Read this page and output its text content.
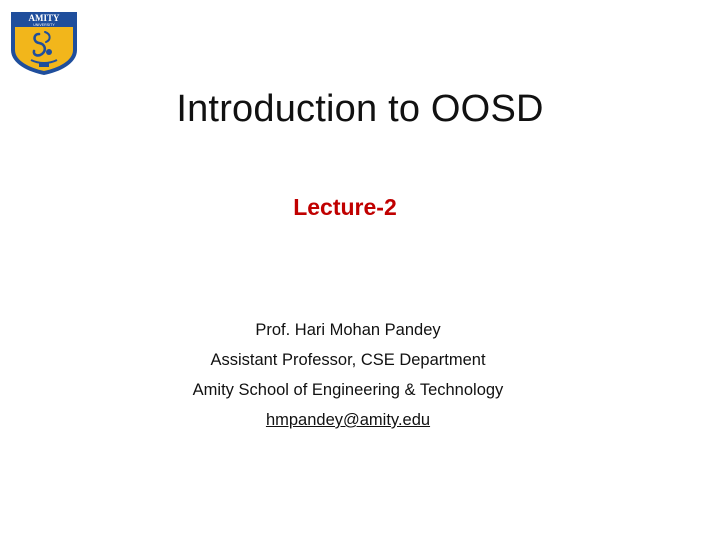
AMITY
UNIVERSITY
Introduction to OOSD
Lecture-2
Prof. Hari Mohan Pandey
Assistant Professor, CSE Department
Amity School of Engineering & Technology
hmpandey@amity.edu
